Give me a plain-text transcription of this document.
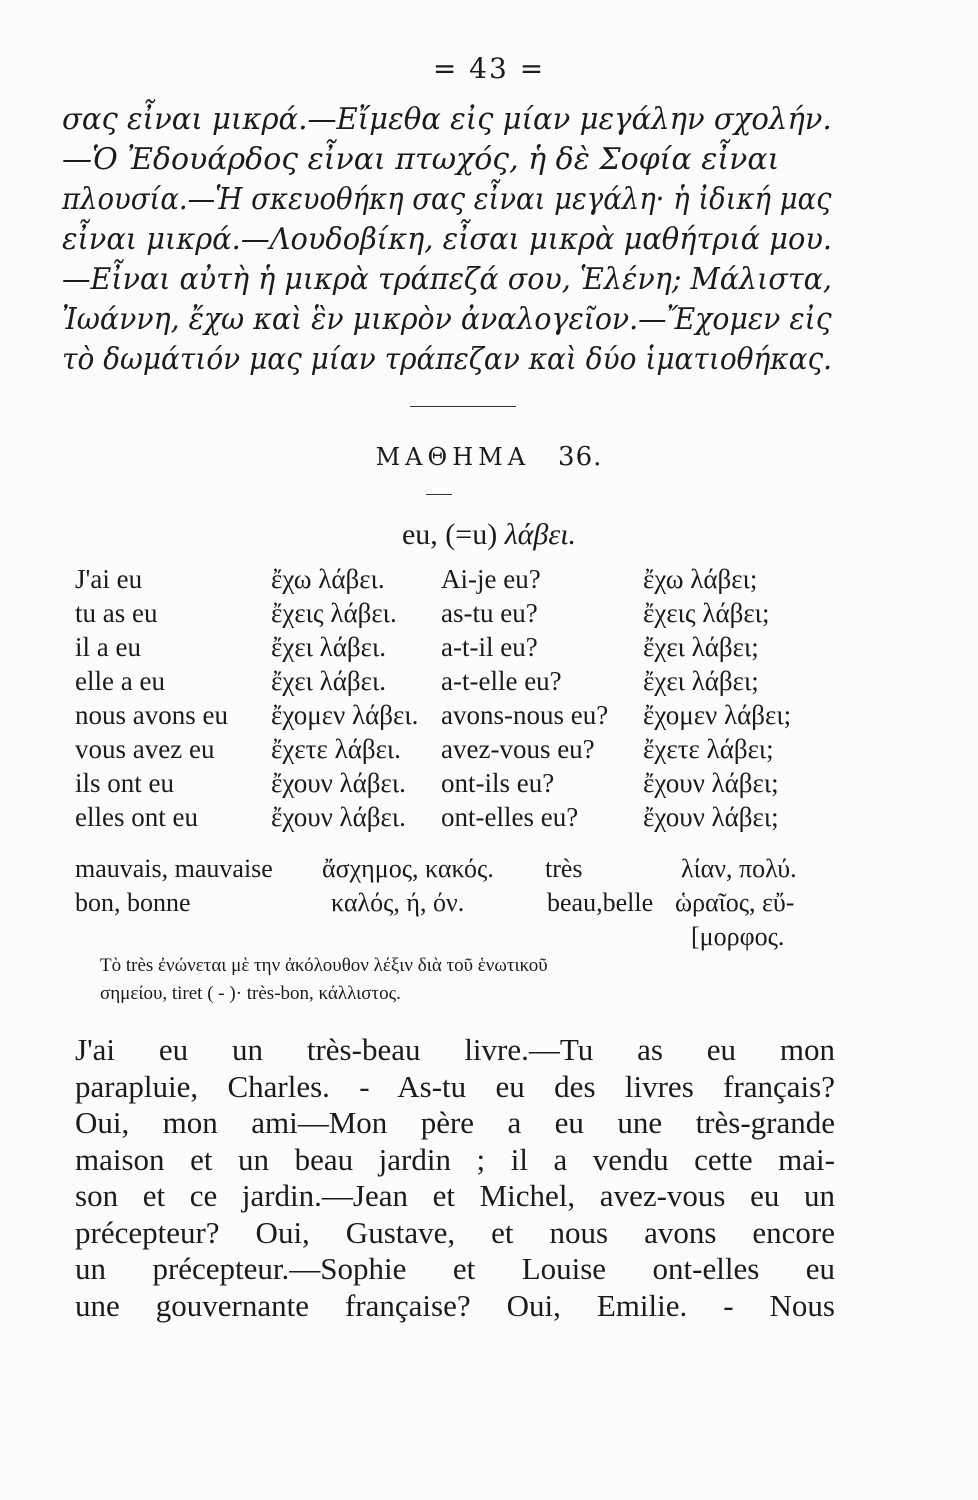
= 43 =
σας εἶναι μικρά.—Εἴμεθα εἰς μίαν μεγάλην σχολήν.
—Ὁ Ἐδουάρδος εἶναι πτωχός, ἡ δὲ Σοφία εἶναι
πλουσία.—Ἡ σκευοθήκη σας εἶναι μεγάλη· ἡ ἰδική μας
εἶναι μικρά.—Λουδοβίκη, εἶσαι μικρὰ μαθήτριά μου.
—Εἶναι αὐτὴ ἡ μικρὰ τράπεζά σου, Ἑλένη; Μάλιστα,
Ἰωάννη, ἔχω καὶ ἓν μικρὸν ἀναλογεῖον.—Ἔχομεν εἰς
τὸ δωμάτιόν μας μίαν τράπεζαν καὶ δύο ἱματιοθήκας.
ΜΑΘΗΜΑ 36.
eu, (=u) λάβει.
J'ai eu	ἔχω λάβει. Ai-je eu?	ἔχω λάβει;
tu as eu	ἔχεις λάβει. as-tu eu?	ἔχεις λάβει;
il a eu	ἔχει λάβει. a-t-il eu?	ἔχει λάβει;
elle a eu	ἔχει λάβει. a-t-elle eu?	ἔχει λάβει;
nous avons eu ἔχομεν λάβει. avons-nous eu? ἔχομεν λάβει;
vous avez eu ἔχετε λάβει. avez-vous eu? ἔχετε λάβει;
ils ont eu	ἔχουν λάβει. ont-ils eu?	ἔχουν λάβει;
elles ont eu	ἔχουν λάβει. ont-elles eu? ἔχουν λάβει;
mauvais, mauvaise ἄσχημος, κακός. très	λίαν, πολύ.
bon, bonne	καλός, ή, όν.	beau,belle ὡραῖος, εὔ-
[μορφος.
Τὸ très ἐνώνεται μὲ την ἀκόλουθον λέξιν διὰ τοῦ ἑνωτικοῦ
σημείου, tiret ( - )· très-bon, κάλλιστος.
J'ai eu un très-beau livre.—Tu as eu mon
parapluie, Charles. - As-tu eu des livres français?
Oui, mon ami—Mon père a eu une très-grande
maison et un beau jardin ; il a vendu cette mai-
son et ce jardin.—Jean et Michel, avez-vous eu un
précepteur? Oui, Gustave, et nous avons encore
un précepteur.—Sophie et Louise ont-elles eu
une gouvernante française? Oui, Emilie. - Nous
